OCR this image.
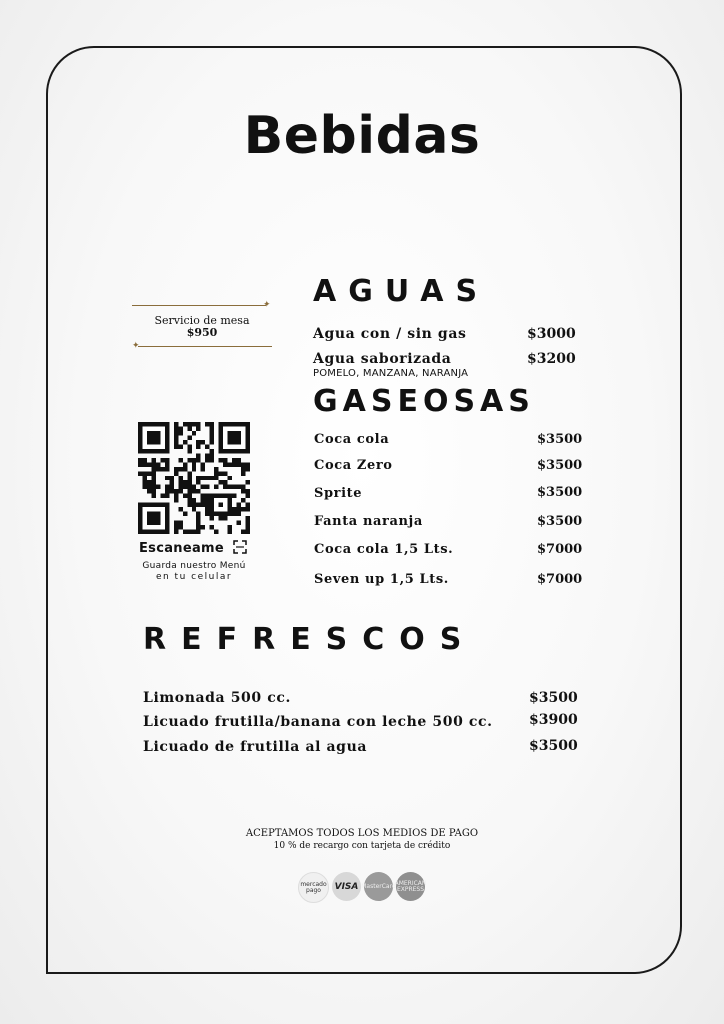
Bebidas
✦
Servicio de mesa
$950
✦
Escaneame
Guarda nuestro Menú
en tu celular
AGUAS
Agua con / sin gas	$3000
Agua saborizada	$3200
POMELO, MANZANA, NARANJA
GASEOSAS
Coca cola	$3500
Coca Zero	$3500
Sprite	$3500
Fanta naranja	$3500
Coca cola 1,5 Lts.	$7000
Seven up 1,5 Lts.	$7000
REFRESCOS
Limonada 500 cc.	$3500
Licuado frutilla/banana con leche 500 cc.	$3900
Licuado de frutilla al agua	$3500
ACEPTAMOS TODOS LOS MEDIOS DE PAGO
10 % de recargo con tarjeta de crédito
mercado pago	VISA MasterCard
AMERICAN EXPRESS
